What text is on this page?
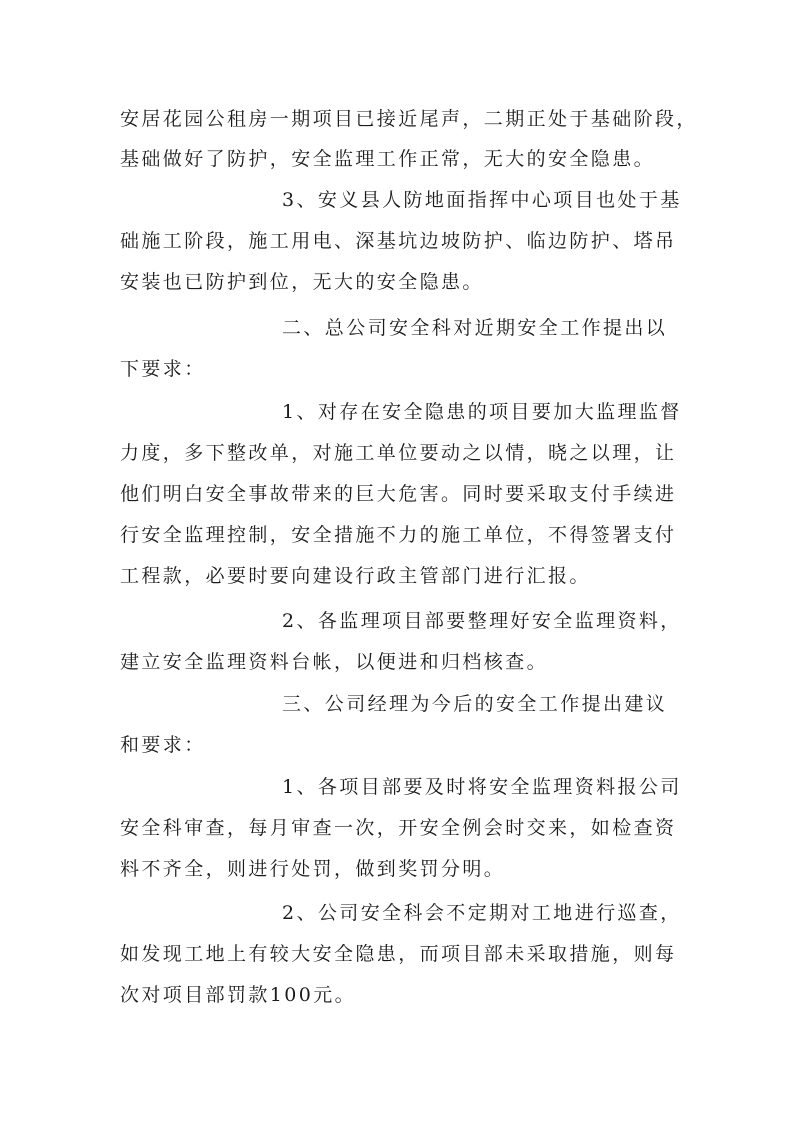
安居花园公租房一期项目已接近尾声，二期正处于基础阶段，
基础做好了防护，安全监理工作正常，无大的安全隐患。
3、安义县人防地面指挥中心项目也处于基
础施工阶段，施工用电、深基坑边坡防护、临边防护、塔吊
安装也已防护到位，无大的安全隐患。
二、总公司安全科对近期安全工作提出以
下要求：
1、对存在安全隐患的项目要加大监理监督
力度，多下整改单，对施工单位要动之以情，晓之以理，让
他们明白安全事故带来的巨大危害。同时要采取支付手续进
行安全监理控制，安全措施不力的施工单位，不得签署支付
工程款，必要时要向建设行政主管部门进行汇报。
2、各监理项目部要整理好安全监理资料，
建立安全监理资料台帐，以便进和归档核查。
三、公司经理为今后的安全工作提出建议
和要求：
1、各项目部要及时将安全监理资料报公司
安全科审查，每月审查一次，开安全例会时交来，如检查资
料不齐全，则进行处罚，做到奖罚分明。
2、公司安全科会不定期对工地进行巡查，
如发现工地上有较大安全隐患，而项目部未采取措施，则每
次对项目部罚款100元。
